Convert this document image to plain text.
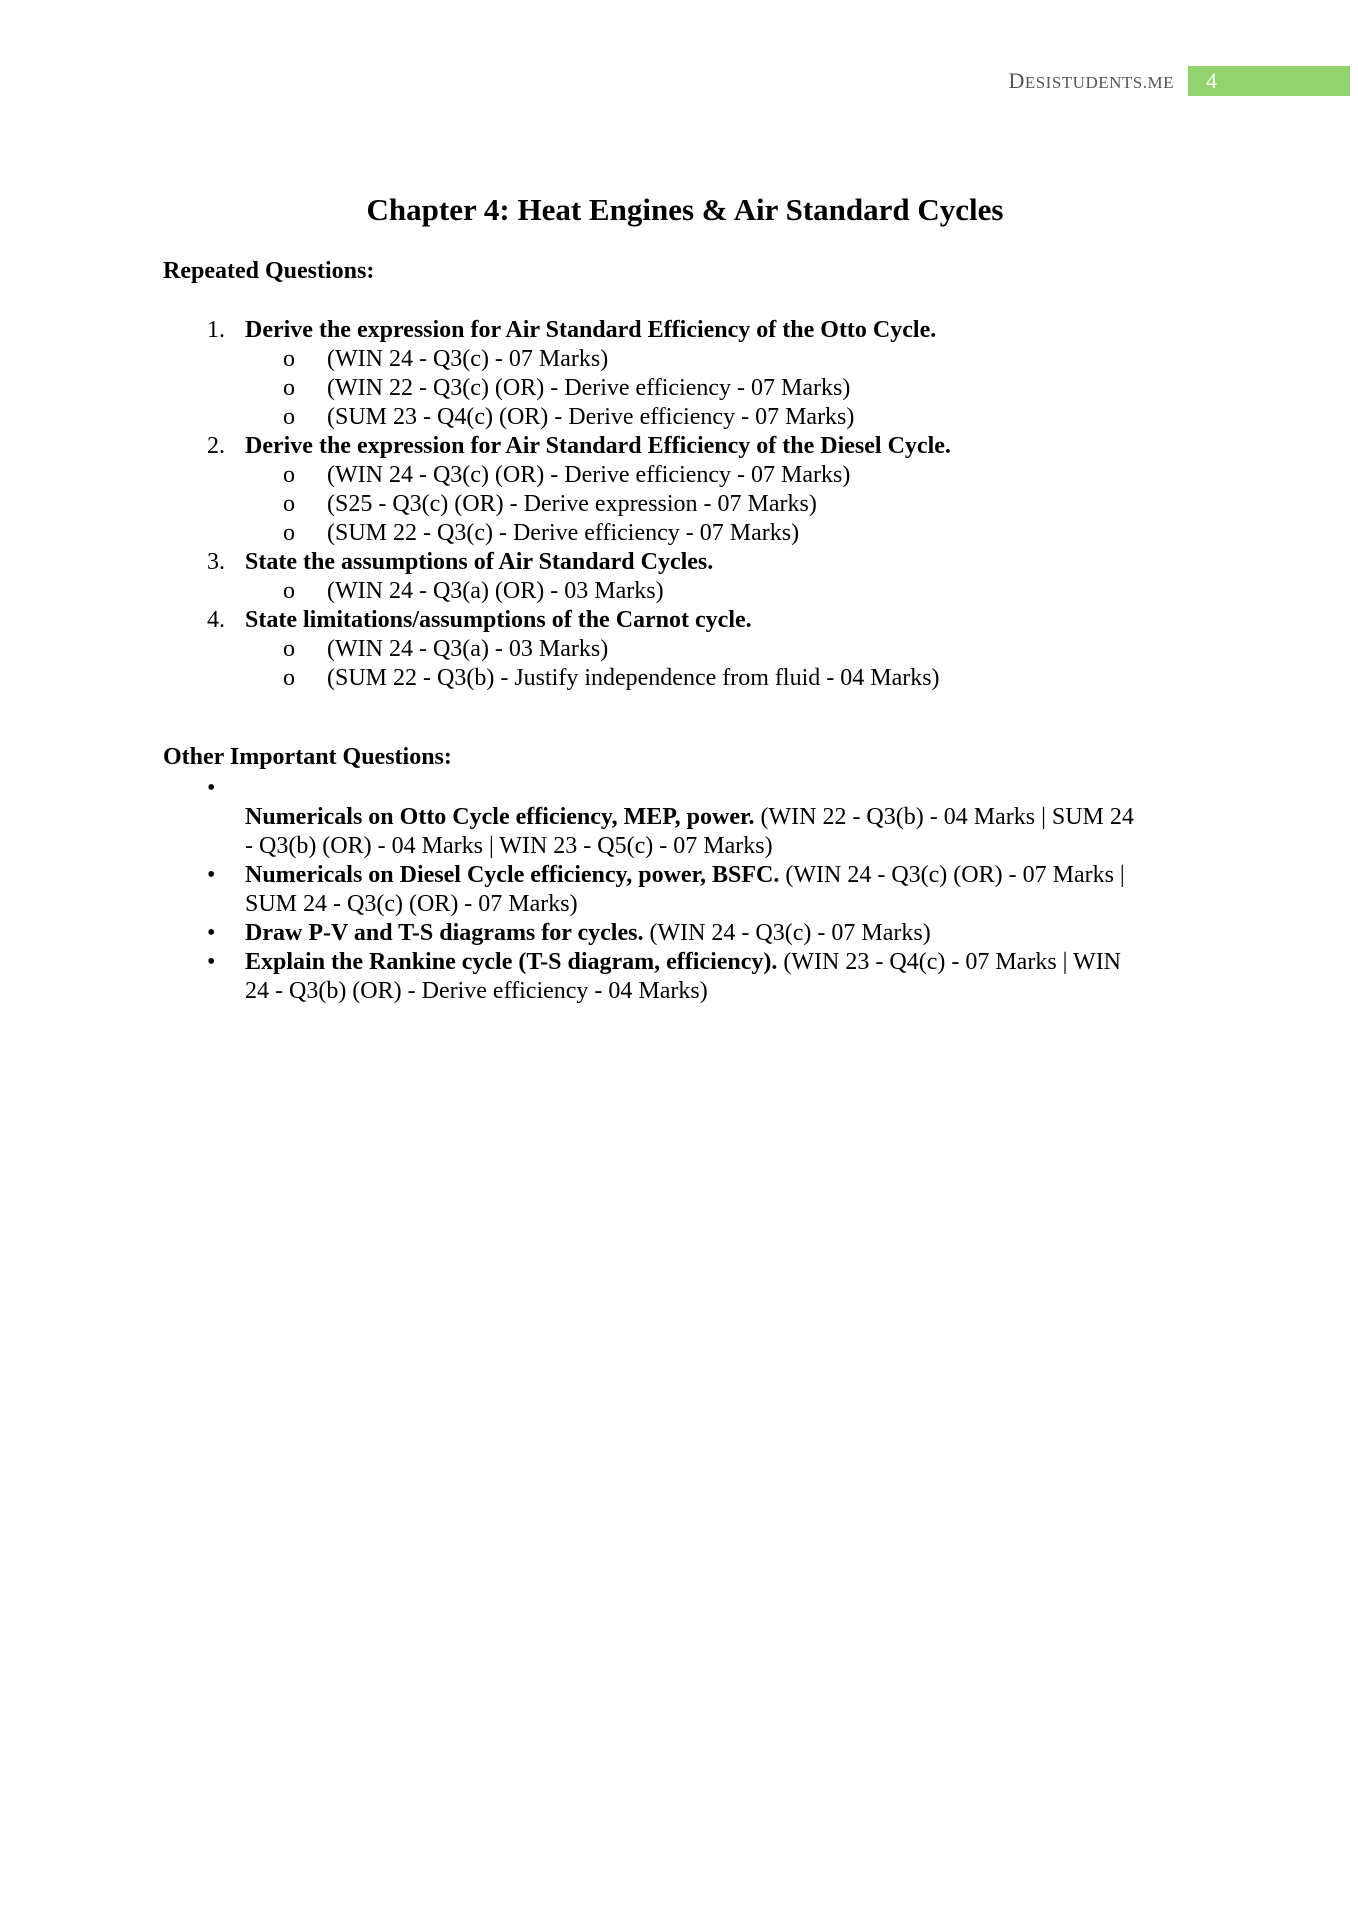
DESISTUDENTS.ME 4
Chapter 4: Heat Engines & Air Standard Cycles
Repeated Questions:
1. Derive the expression for Air Standard Efficiency of the Otto Cycle.
o (WIN 24 - Q3(c) - 07 Marks)
o (WIN 22 - Q3(c) (OR) - Derive efficiency - 07 Marks)
o (SUM 23 - Q4(c) (OR) - Derive efficiency - 07 Marks)
2. Derive the expression for Air Standard Efficiency of the Diesel Cycle.
o (WIN 24 - Q3(c) (OR) - Derive efficiency - 07 Marks)
o (S25 - Q3(c) (OR) - Derive expression - 07 Marks)
o (SUM 22 - Q3(c) - Derive efficiency - 07 Marks)
3. State the assumptions of Air Standard Cycles.
o (WIN 24 - Q3(a) (OR) - 03 Marks)
4. State limitations/assumptions of the Carnot cycle.
o (WIN 24 - Q3(a) - 03 Marks)
o (SUM 22 - Q3(b) - Justify independence from fluid - 04 Marks)
Other Important Questions:
•
Numericals on Otto Cycle efficiency, MEP, power. (WIN 22 - Q3(b) - 04 Marks | SUM 24
- Q3(b) (OR) - 04 Marks | WIN 23 - Q5(c) - 07 Marks)
• Numericals on Diesel Cycle efficiency, power, BSFC. (WIN 24 - Q3(c) (OR) - 07 Marks |
SUM 24 - Q3(c) (OR) - 07 Marks)
• Draw P-V and T-S diagrams for cycles. (WIN 24 - Q3(c) - 07 Marks)
• Explain the Rankine cycle (T-S diagram, efficiency). (WIN 23 - Q4(c) - 07 Marks | WIN
24 - Q3(b) (OR) - Derive efficiency - 04 Marks)
